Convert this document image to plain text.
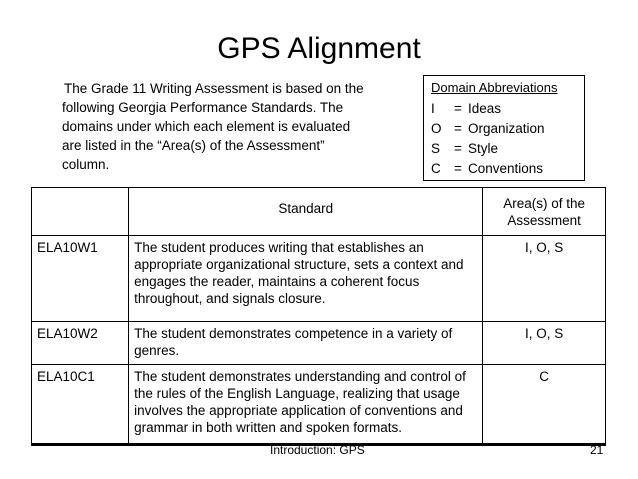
GPS Alignment
The Grade 11 Writing Assessment is based on the
following Georgia Performance Standards. The
domains under which each element is evaluated
are listed in the “Area(s) of the Assessment”
column.
Domain Abbreviations
I	= Ideas
O = Organization
S	= Style
C = Conventions
	Standard	Area(s) of the Assessment
ELA10W1	The student produces writing that establishes an appropriate organizational structure, sets a context and engages the reader, maintains a coherent focus throughout, and signals closure.	I, O, S
ELA10W2	The student demonstrates competence in a variety of genres.	I, O, S
ELA10C1	The student demonstrates understanding and control of the rules of the English Language, realizing that usage involves the appropriate application of conventions and grammar in both written and spoken formats.	C
Introduction: GPS	21
